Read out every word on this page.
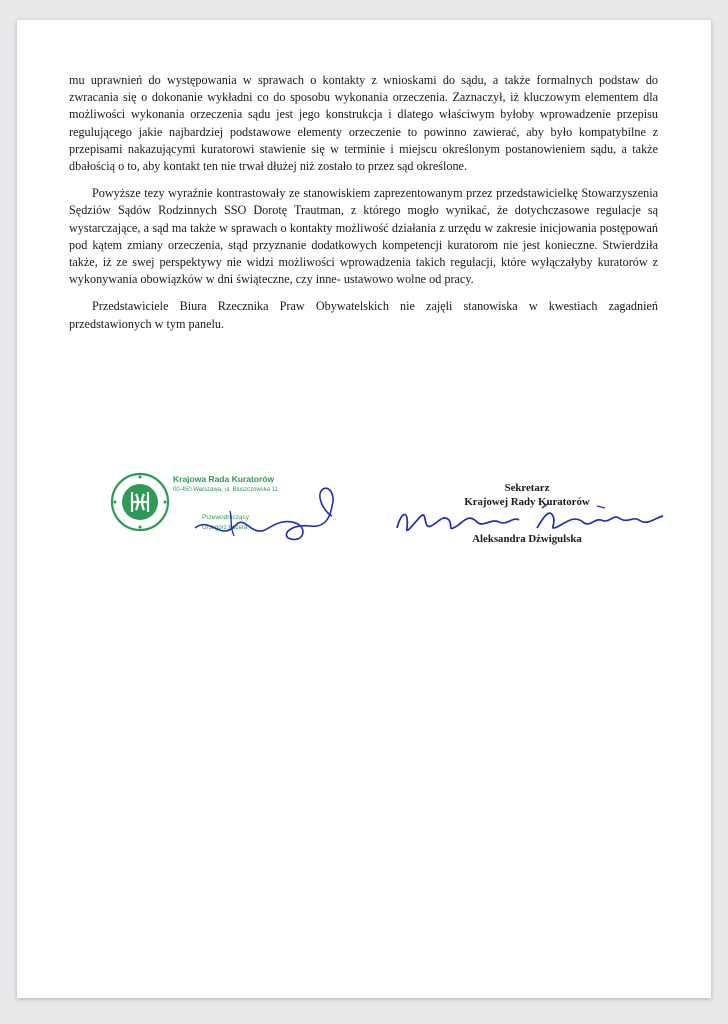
mu uprawnień do występowania w sprawach o kontakty z wnioskami do sądu, a także formalnych podstaw do zwracania się o dokonanie wykładni co do sposobu wykonania orzeczenia. Zaznaczył, iż kluczowym elementem dla możliwości wykonania orzeczenia sądu jest jego konstrukcja i dlatego właściwym byłoby wprowadzenie przepisu regulującego jakie najbardziej podstawowe elementy orzeczenie to powinno zawierać, aby było kompatybilne z przepisami nakazującymi kuratorowi stawienie się w terminie i miejscu określonym postanowieniem sądu, a także dbałością o to, aby kontakt ten nie trwał dłużej niż zostało to przez sąd określone.

Powyższe tezy wyraźnie kontrastowały ze stanowiskiem zaprezentowanym przez przedstawicielkę Stowarzyszenia Sędziów Sądów Rodzinnych SSO Dorotę Trautman, z którego mogło wynikać, że dotychczasowe regulacje są wystarczające, a sąd ma także w sprawach o kontakty możliwość działania z urzędu w zakresie inicjowania postępowań pod kątem zmiany orzeczenia, stąd przyznanie dodatkowych kompetencji kuratorom nie jest konieczne. Stwierdziła także, iż ze swej perspektywy nie widzi możliwości wprowadzenia takich regulacji, które wyłączałyby kuratorów z wykonywania obowiązków w dni świąteczne, czy inne- ustawowo wolne od pracy.

Przedstawiciele Biura Rzecznika Praw Obywatelskich nie zajęli stanowiska w kwestiach zagadnień przedstawionych w tym panelu.

Krajowa Rada Kuratorów
00-450 Warszawa, ul. Bluszczowska 11
Przewodniczący
Grzegorz Kozera
Sekretarz
Krajowej Rady Kuratorów
Aleksandra Dźwigulska
